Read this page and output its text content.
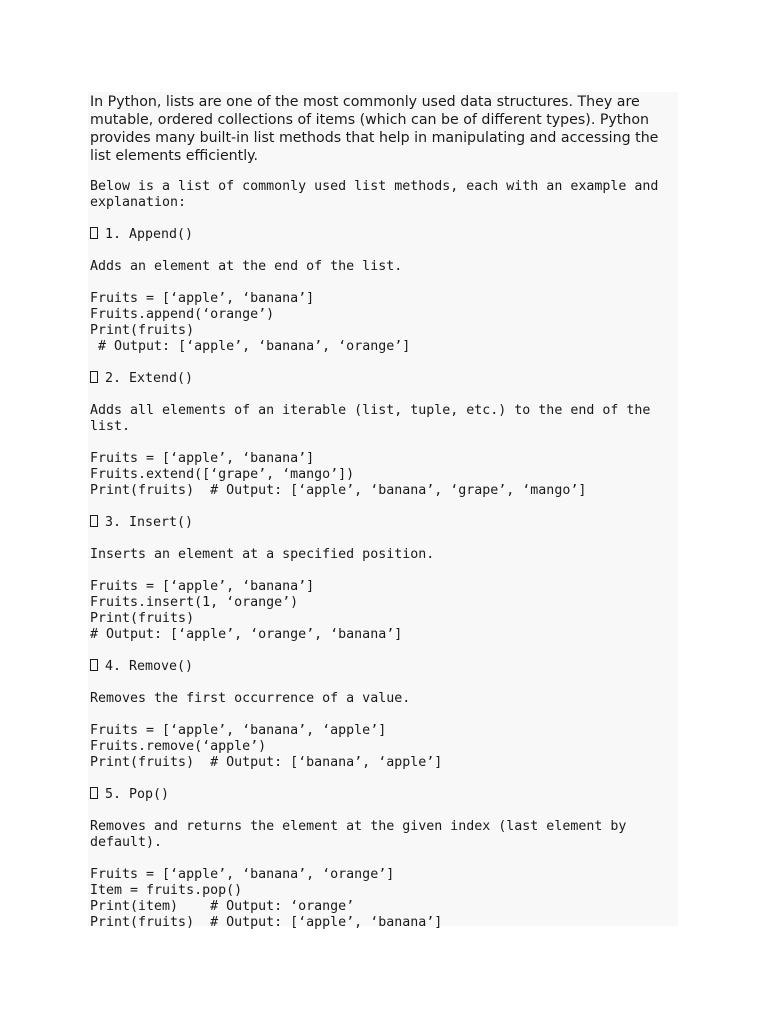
In Python, lists are one of the most commonly used data structures. They are mutable, ordered collections of items (which can be of different types). Python provides many built-in list methods that help in manipulating and accessing the list elements efficiently.

Below is a list of commonly used list methods, each with an example and explanation:

1. Append()

Adds an element at the end of the list.

Fruits = [‘apple’, ‘banana’]
Fruits.append(‘orange’)
Print(fruits)
# Output: [‘apple’, ‘banana’, ‘orange’]

2. Extend()

Adds all elements of an iterable (list, tuple, etc.) to the end of the list.

Fruits = [‘apple’, ‘banana’]
Fruits.extend([‘grape’, ‘mango’])
Print(fruits)  # Output: [‘apple’, ‘banana’, ‘grape’, ‘mango’]

3. Insert()

Inserts an element at a specified position.

Fruits = [‘apple’, ‘banana’]
Fruits.insert(1, ‘orange’)
Print(fruits)
# Output: [‘apple’, ‘orange’, ‘banana’]

4. Remove()

Removes the first occurrence of a value.

Fruits = [‘apple’, ‘banana’, ‘apple’]
Fruits.remove(‘apple’)
Print(fruits)  # Output: [‘banana’, ‘apple’]

5. Pop()

Removes and returns the element at the given index (last element by default).

Fruits = [‘apple’, ‘banana’, ‘orange’]
Item = fruits.pop()
Print(item)    # Output: ‘orange’
Print(fruits)  # Output: [‘apple’, ‘banana’]
